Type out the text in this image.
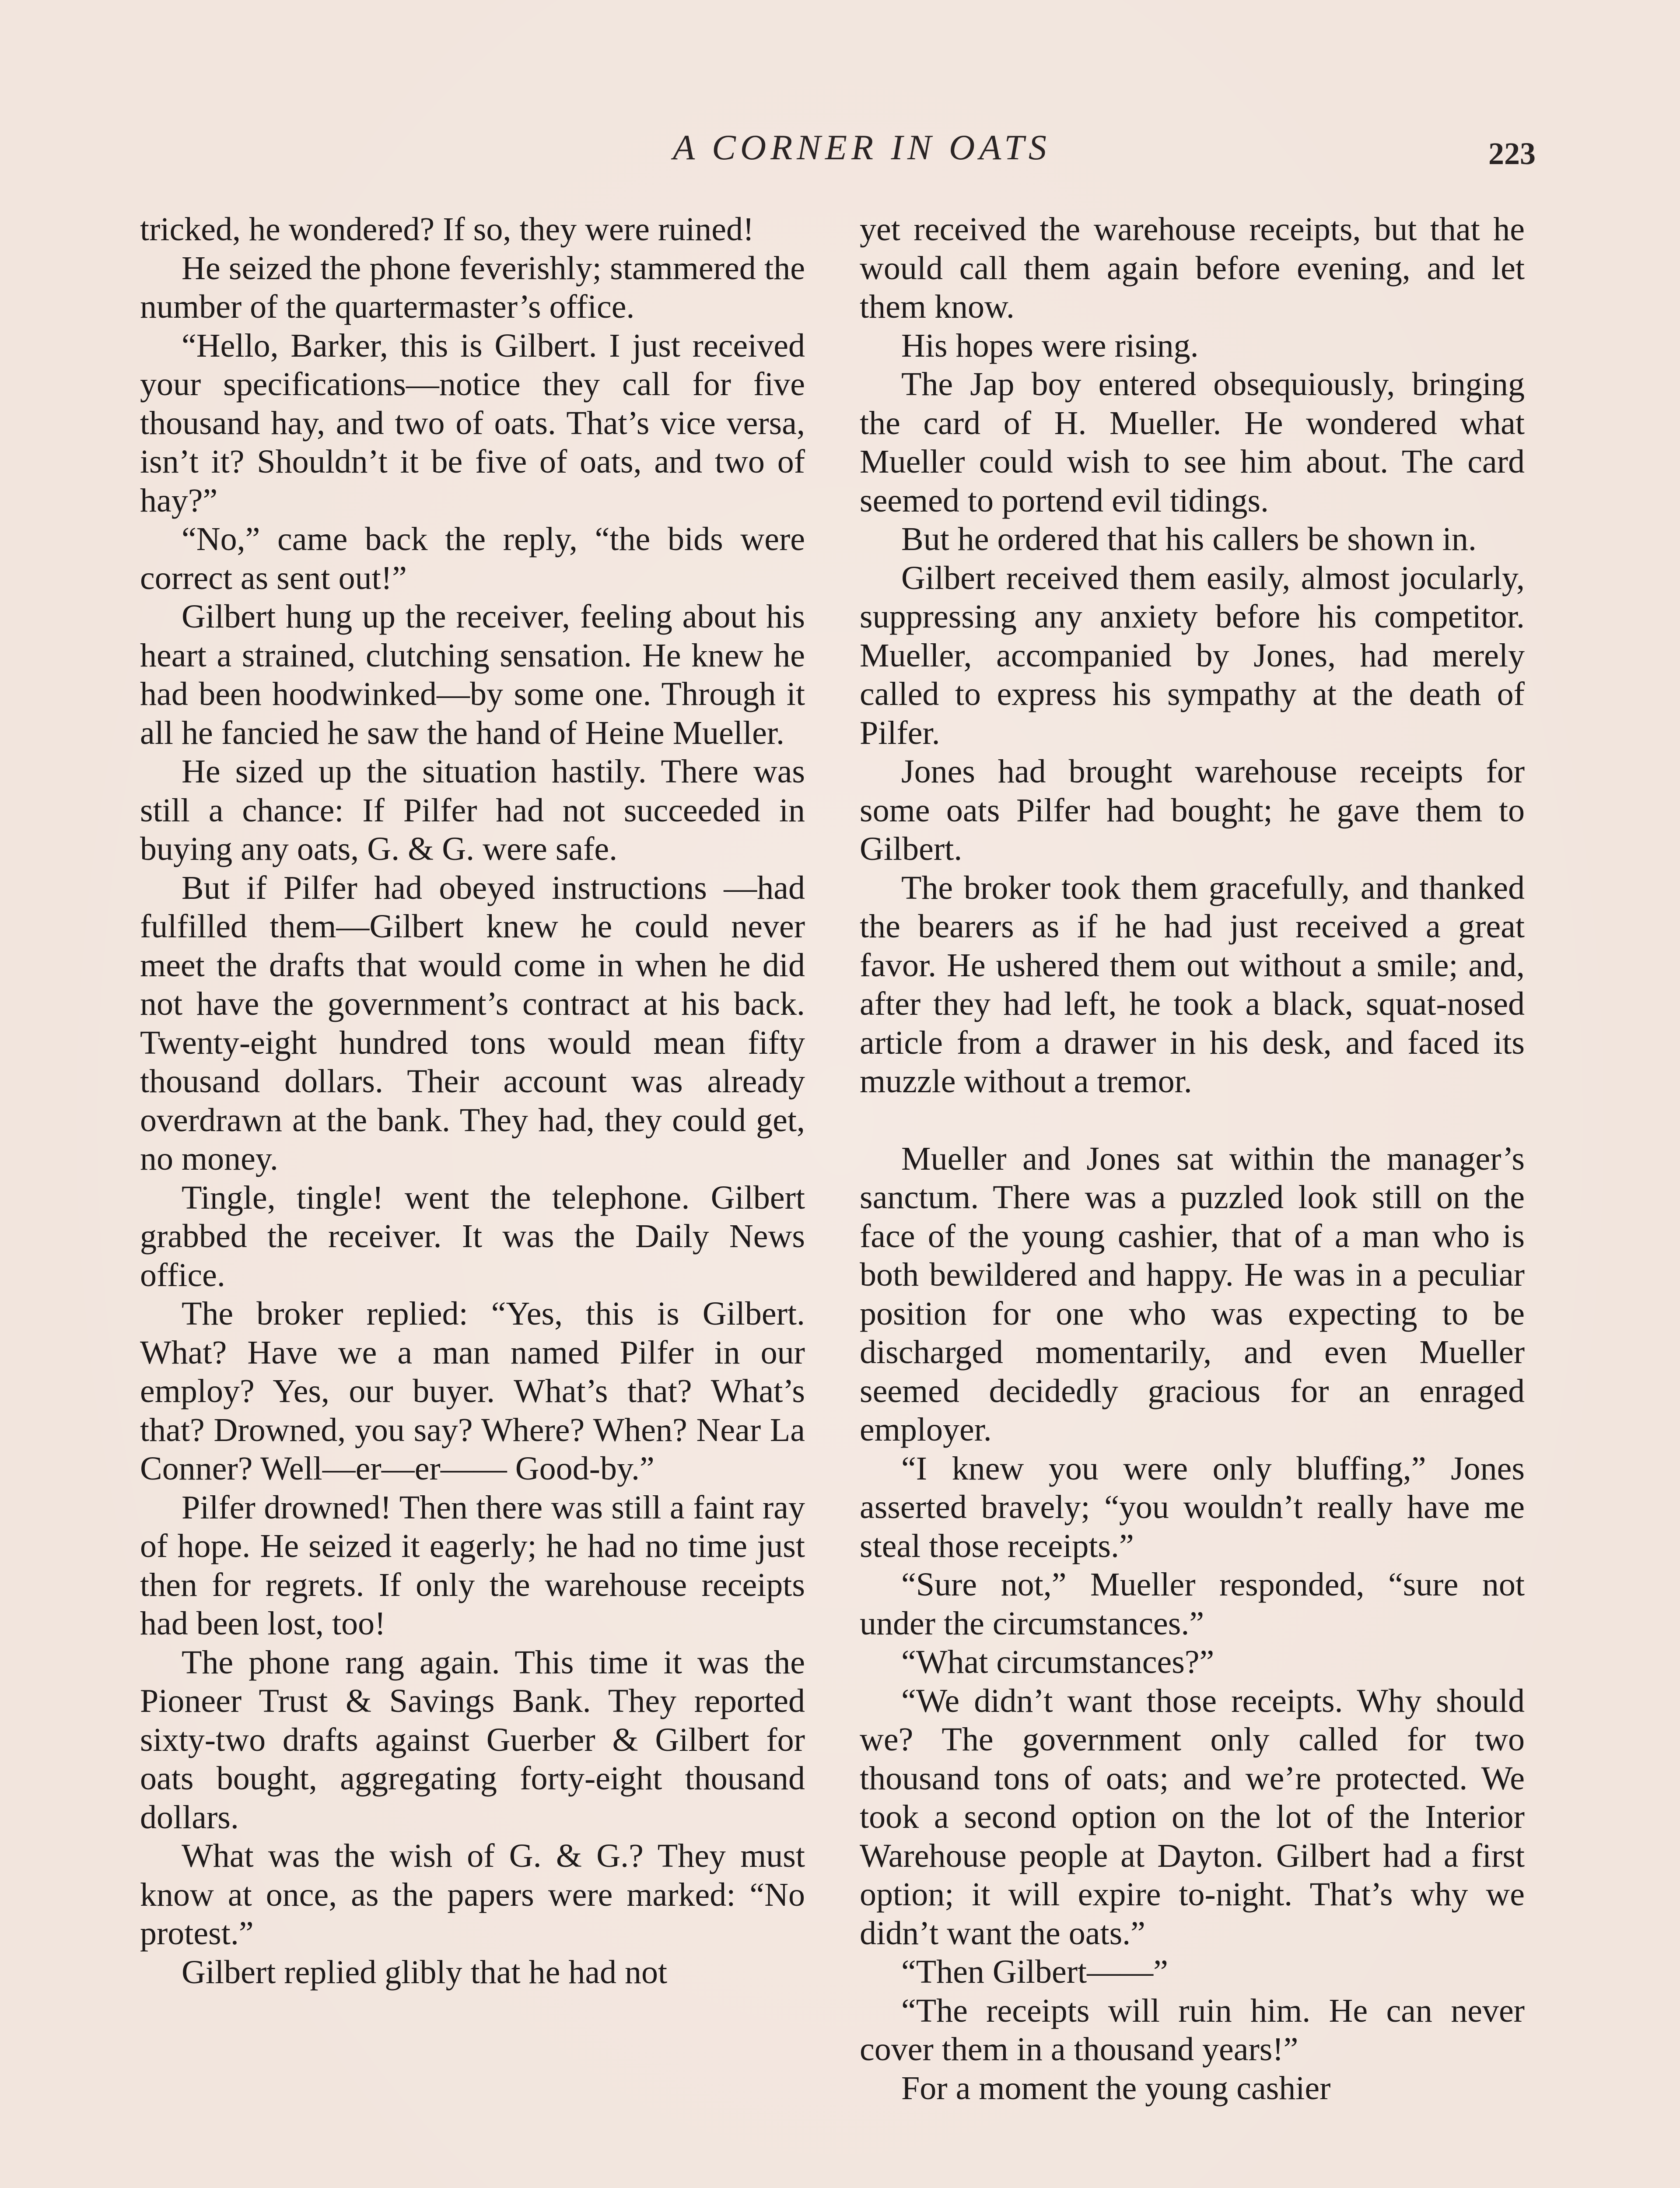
A CORNER IN OATS	223

tricked, he wondered? If so, they were ruined!

He seized the phone feverishly; stammered the number of the quartermaster’s office.

“Hello, Barker, this is Gilbert. I just received your specifications—notice they call for five thousand hay, and two of oats. That’s vice versa, isn’t it? Shouldn’t it be five of oats, and two of hay?”

“No,” came back the reply, “the bids were correct as sent out!”

Gilbert hung up the receiver, feeling about his heart a strained, clutching sensation. He knew he had been hoodwinked—by some one. Through it all he fancied he saw the hand of Heine Mueller.

He sized up the situation hastily. There was still a chance: If Pilfer had not succeeded in buying any oats, G. & G. were safe.

But if Pilfer had obeyed instructions —had fulfilled them—Gilbert knew he could never meet the drafts that would come in when he did not have the government’s contract at his back. Twenty-eight hundred tons would mean fifty thousand dollars. Their account was already overdrawn at the bank. They had, they could get, no money.

Tingle, tingle! went the telephone. Gilbert grabbed the receiver. It was the Daily News office.

The broker replied: “Yes, this is Gilbert. What? Have we a man named Pilfer in our employ? Yes, our buyer. What’s that? What’s that? Drowned, you say? Where? When? Near La Conner? Well—er—er—— Good-by.”

Pilfer drowned! Then there was still a faint ray of hope. He seized it eagerly; he had no time just then for regrets. If only the warehouse receipts had been lost, too!

The phone rang again. This time it was the Pioneer Trust & Savings Bank. They reported sixty-two drafts against Guerber & Gilbert for oats bought, aggregating forty-eight thousand dollars.

What was the wish of G. & G.? They must know at once, as the papers were marked: “No protest.”

Gilbert replied glibly that he had not

yet received the warehouse receipts, but that he would call them again before evening, and let them know.

His hopes were rising.

The Jap boy entered obsequiously, bringing the card of H. Mueller. He wondered what Mueller could wish to see him about. The card seemed to portend evil tidings.

But he ordered that his callers be shown in.

Gilbert received them easily, almost jocularly, suppressing any anxiety before his competitor. Mueller, accompanied by Jones, had merely called to express his sympathy at the death of Pilfer.

Jones had brought warehouse receipts for some oats Pilfer had bought; he gave them to Gilbert.

The broker took them gracefully, and thanked the bearers as if he had just received a great favor. He ushered them out without a smile; and, after they had left, he took a black, squat-nosed article from a drawer in his desk, and faced its muzzle without a tremor.

Mueller and Jones sat within the manager’s sanctum. There was a puzzled look still on the face of the young cashier, that of a man who is both bewildered and happy. He was in a peculiar position for one who was expecting to be discharged momentarily, and even Mueller seemed decidedly gracious for an enraged employer.

“I knew you were only bluffing,” Jones asserted bravely; “you wouldn’t really have me steal those receipts.”

“Sure not,” Mueller responded, “sure not under the circumstances.”

“What circumstances?”

“We didn’t want those receipts. Why should we? The government only called for two thousand tons of oats; and we’re protected. We took a second option on the lot of the Interior Warehouse people at Dayton. Gilbert had a first option; it will expire to-night. That’s why we didn’t want the oats.”

“Then Gilbert——”

“The receipts will ruin him. He can never cover them in a thousand years!”

For a moment the young cashier
